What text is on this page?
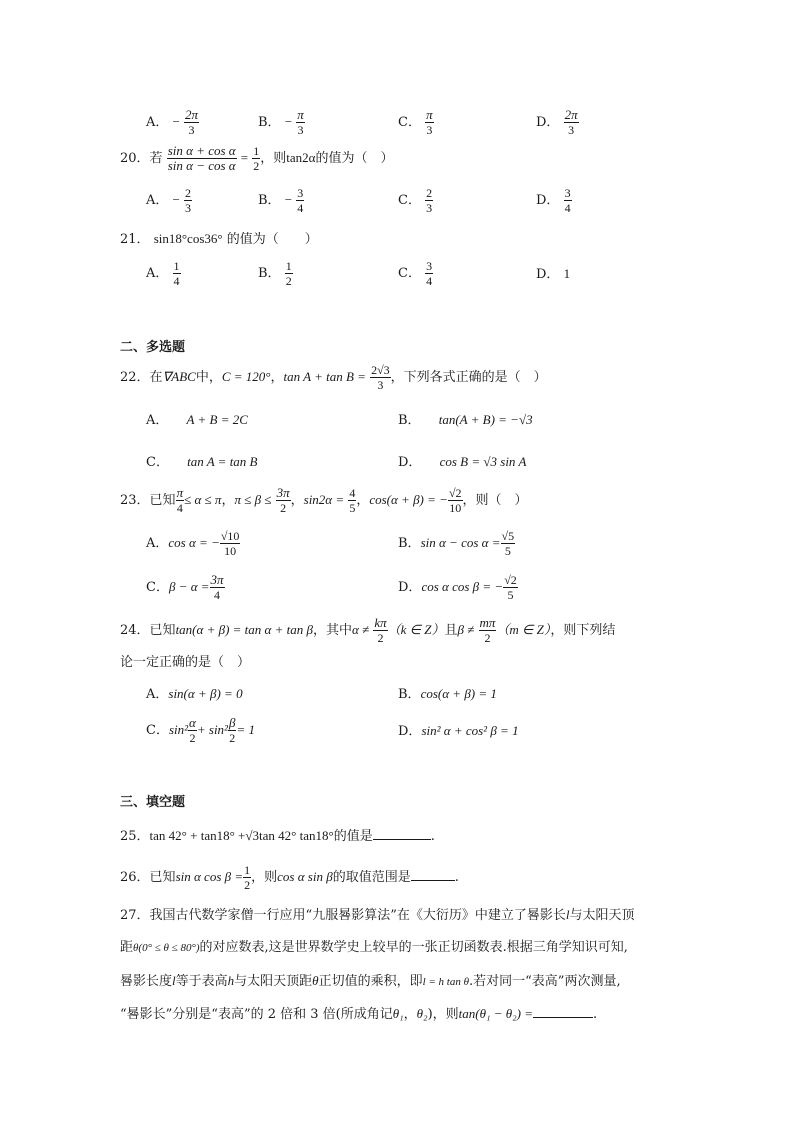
A． − $\frac{2\pi}{3}$	B． − $\frac{\pi}{3}$	C． $\frac{\pi}{3}$	D． $\frac{2\pi}{3}$
20．若 $\frac{\text{sin α + cos α}}{\text{sin α − cos α}} = \frac{1}{2}$ ，则tan2α的值为（　）
A． − $\frac{2}{3}$	B． − $\frac{3}{4}$	C． $\frac{2}{3}$	D． $\frac{3}{4}$
21． sin18°cos36° 的值为（　　）
A． $\frac{1}{4}$	B． $\frac{1}{2}$	C． $\frac{3}{4}$	D． 1
二、多选题
22．在∇ABC中，C = 120°，$\tan A + \tan B = \frac{2√3}{3}$ ，下列各式正确的是（　）
A． A + B = 2C	B． tan(A + B) = −√3
C． tan A = tan B	D． cos B = √3 sin A
23．已知 $\frac{\pi}{4} \le \alpha \le \pi$，$\pi \le \beta \le \frac{3\pi}{2}$ ，$\sin 2\alpha = \frac{4}{5}$ ，cos(α + β) = − $\frac{√2}{10}$ ，则（　）
A．cos α = − $\frac{√10}{10}$	B．$\sin \alpha - \cos \alpha = \frac{√5}{5}$
C．$\beta - \alpha = \frac{3\pi}{4}$	D．cos α cos β = − $\frac{√2}{5}$
24．已知tan(α + β) = tan α + tan β，其中$\alpha \ne \frac{k\pi}{2} (k$ ∈ Z）且$\beta \ne \frac{m\pi}{2} (m$ ∈ Z），则下列结
论一定正确的是（　）
A．sin(α + β) = 0	B．cos(α + β) = 1
C．$\sin^2 \frac{\alpha}{2} + \sin^2 \frac{\beta}{2} = 1$	D．sin² α + cos² β = 1
三、填空题
25．tan 42° + tan18° +√3tan 42° tan18°的值是	.
26．已知sin α $\cos \beta = \frac{1}{2}$ ，则cos α sin β的取值范围是	.
27．我国古代数学家僧一行应用“九服晷影算法”在《大衍历》中建立了晷影长l与太阳天顶
距θ(0° ≤ θ ≤ 80°)的对应数表,这是世界数学史上较早的一张正切函数表.根据三角学知识可知,
晷影长度l等于表高h与太阳天顶距θ正切值的乘积，即l = h tan θ.若对同一“表高”两次测量,
“晷影长”分别是“表高”的 2 倍和 3 倍(所成角记θ₁，θ₂)，则tan(θ₁ − θ₂) =	.
